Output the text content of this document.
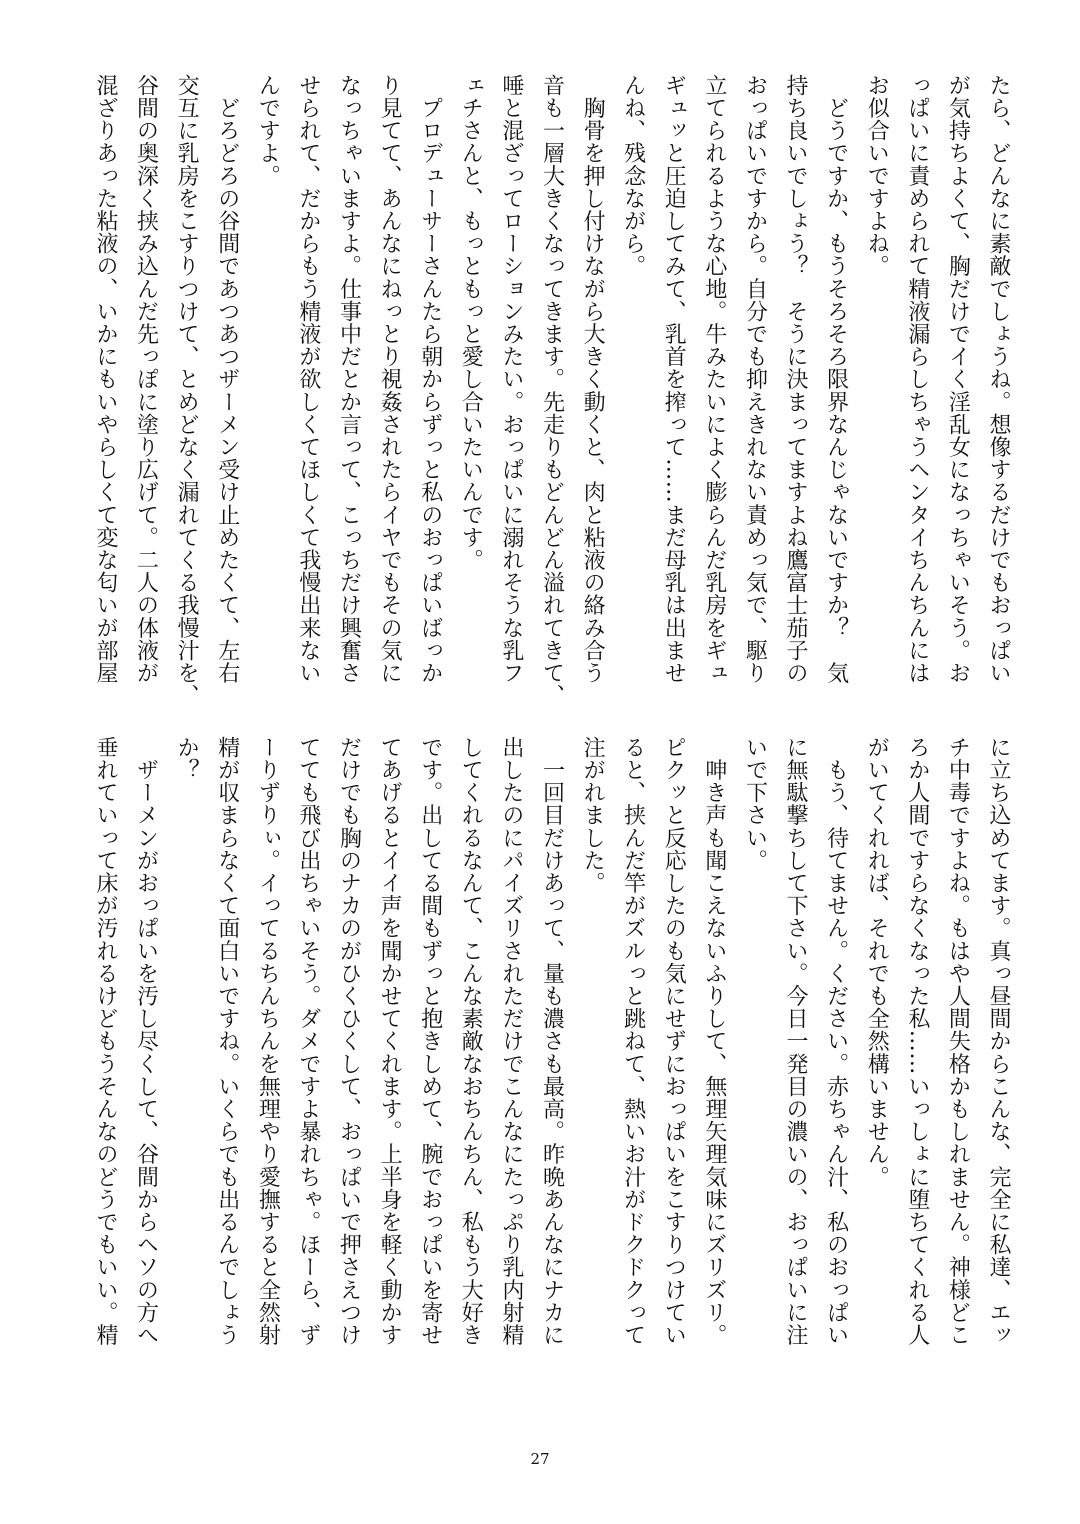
たら、どんなに素敵でしょうね。想像するだけでもおっぱい
が気持ちよくて、胸だけでイく淫乱女になっちゃいそう。お
っぱいに責められて精液漏らしちゃうヘンタイちんちんには
お似合いですよね。
　どうですか、もうそろそろ限界なんじゃないですか？　気
持ち良いでしょう？　そうに決まってますよね鷹富士茄子の
おっぱいですから。自分でも抑えきれない責めっ気で、駆り
立てられるような心地。牛みたいによく膨らんだ乳房をギュ
ギュッと圧迫してみて、乳首を搾って……まだ母乳は出ませ
んね、残念ながら。
　胸骨を押し付けながら大きく動くと、肉と粘液の絡み合う
音も一層大きくなってきます。先走りもどんどん溢れてきて、
唾と混ざってローションみたい。おっぱいに溺れそうな乳フ
ェチさんと、もっともっと愛し合いたいんです。
　プロデューサーさんたら朝からずっと私のおっぱいばっか
り見てて、あんなにねっとり視姦されたらイヤでもその気に
なっちゃいますよ。仕事中だとか言って、こっちだけ興奮さ
せられて、だからもう精液が欲しくてほしくて我慢出来ない
んですよ。
　どろどろの谷間であつあつザーメン受け止めたくて、左右
交互に乳房をこすりつけて、とめどなく漏れてくる我慢汁を、
谷間の奥深く挟み込んだ先っぽに塗り広げて。二人の体液が
混ざりあった粘液の、いかにもいやらしくて変な匂いが部屋
に立ち込めてます。真っ昼間からこんな、完全に私達、エッ
チ中毒ですよね。もはや人間失格かもしれません。神様どこ
ろか人間ですらなくなった私……いっしょに堕ちてくれる人
がいてくれれば、それでも全然構いません。
　もう、待てません。ください。赤ちゃん汁、私のおっぱい
に無駄撃ちして下さい。今日一発目の濃いの、おっぱいに注
いで下さい。
　呻き声も聞こえないふりして、無理矢理気味にズリズリ。
ピクッと反応したのも気にせずにおっぱいをこすりつけてい
ると、挟んだ竿がズルっと跳ねて、熱いお汁がドクドクって
注がれました。
　一回目だけあって、量も濃さも最高。昨晩あんなにナカに
出したのにパイズリされただけでこんなにたっぷり乳内射精
してくれるなんて、こんな素敵なおちんちん、私もう大好き
です。出してる間もずっと抱きしめて、腕でおっぱいを寄せ
てあげるとイイ声を聞かせてくれます。上半身を軽く動かす
だけでも胸のナカのがひくひくして、おっぱいで押さえつけ
てても飛び出ちゃいそう。ダメですよ暴れちゃ。ほーら、ず
ーりずりぃ。イってるちんちんを無理やり愛撫すると全然射
精が収まらなくて面白いですね。いくらでも出るんでしょう
か？
　ザーメンがおっぱいを汚し尽くして、谷間からヘソの方へ
垂れていって床が汚れるけどもうそんなのどうでもいい。精
27
